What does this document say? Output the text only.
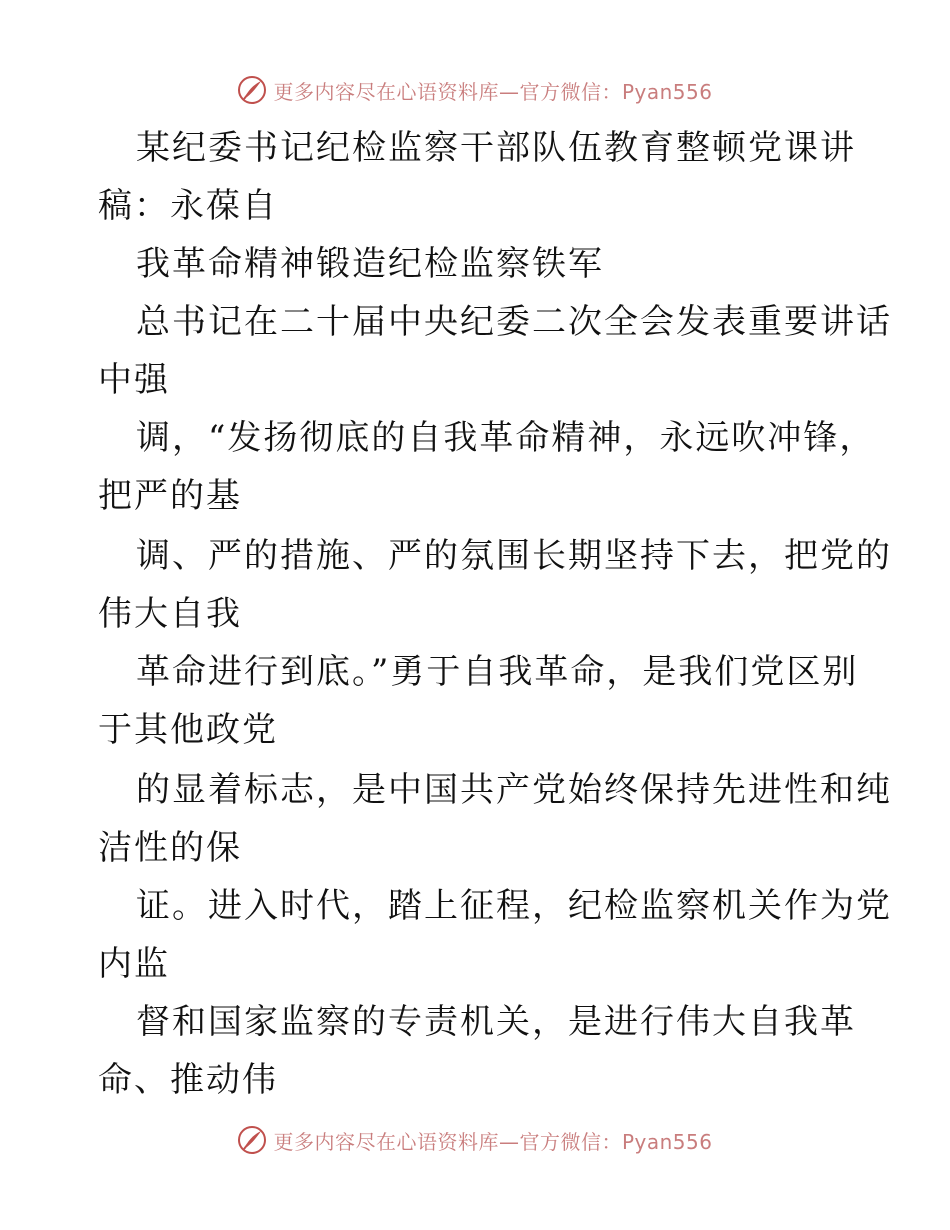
更多内容尽在心语资料库—官方微信：Pyan556
某纪委书记纪检监察干部队伍教育整顿党课讲
稿：永葆自
我革命精神锻造纪检监察铁军
总书记在二十届中央纪委二次全会发表重要讲话
中强
调，“发扬彻底的自我革命精神，永远吹冲锋，
把严的基
调、严的措施、严的氛围长期坚持下去，把党的
伟大自我
革命进行到底。”勇于自我革命，是我们党区别
于其他政党
的显着标志，是中国共产党始终保持先进性和纯
洁性的保
证。进入时代，踏上征程，纪检监察机关作为党
内监
督和国家监察的专责机关，是进行伟大自我革
命、推动伟
更多内容尽在心语资料库—官方微信：Pyan556
